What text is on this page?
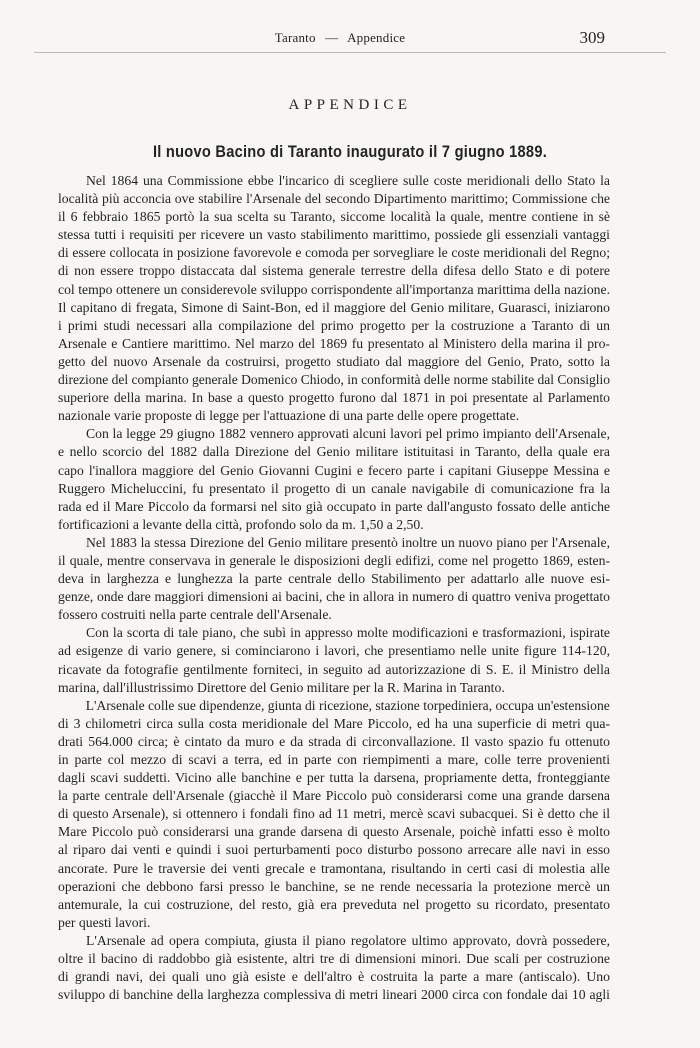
Taranto — Appendice	309
APPENDICE
Il nuovo Bacino di Taranto inaugurato il 7 giugno 1889.
Nel 1864 una Commissione ebbe l'incarico di scegliere sulle coste meridionali dello Stato la
località più acconcia ove stabilire l'Arsenale del secondo Dipartimento marittimo; Commissione che
il 6 febbraio 1865 portò la sua scelta su Taranto, siccome località la quale, mentre contiene in sè
stessa tutti i requisiti per ricevere un vasto stabilimento marittimo, possiede gli essenziali vantaggi
di essere collocata in posizione favorevole e comoda per sorvegliare le coste meridionali del Regno;
di non essere troppo distaccata dal sistema generale terrestre della difesa dello Stato e di potere
col tempo ottenere un considerevole sviluppo corrispondente all'importanza marittima della nazione.
Il capitano di fregata, Simone di Saint-Bon, ed il maggiore del Genio militare, Guarasci, iniziarono
i primi studi necessari alla compilazione del primo progetto per la costruzione a Taranto di un
Arsenale e Cantiere marittimo. Nel marzo del 1869 fu presentato al Ministero della marina il pro-
getto del nuovo Arsenale da costruirsi, progetto studiato dal maggiore del Genio, Prato, sotto la
direzione del compianto generale Domenico Chiodo, in conformità delle norme stabilite dal Consiglio
superiore della marina. In base a questo progetto furono dal 1871 in poi presentate al Parlamento
nazionale varie proposte di legge per l'attuazione di una parte delle opere progettate.
Con la legge 29 giugno 1882 vennero approvati alcuni lavori pel primo impianto dell'Arsenale,
e nello scorcio del 1882 dalla Direzione del Genio militare istituitasi in Taranto, della quale era
capo l'inallora maggiore del Genio Giovanni Cugini e fecero parte i capitani Giuseppe Messina e
Ruggero Micheluccini, fu presentato il progetto di un canale navigabile di comunicazione fra la
rada ed il Mare Piccolo da formarsi nel sito già occupato in parte dall'angusto fossato delle antiche
fortificazioni a levante della città, profondo solo da m. 1,50 a 2,50.
Nel 1883 la stessa Direzione del Genio militare presentò inoltre un nuovo piano per l'Arsenale,
il quale, mentre conservava in generale le disposizioni degli edifizi, come nel progetto 1869, esten-
deva in larghezza e lunghezza la parte centrale dello Stabilimento per adattarlo alle nuove esi-
genze, onde dare maggiori dimensioni ai bacini, che in allora in numero di quattro veniva progettato
fossero costruiti nella parte centrale dell'Arsenale.
Con la scorta di tale piano, che subì in appresso molte modificazioni e trasformazioni, ispirate
ad esigenze di vario genere, si cominciarono i lavori, che presentiamo nelle unite figure 114-120,
ricavate da fotografie gentilmente forniteci, in seguito ad autorizzazione di S. E. il Ministro della
marina, dall'illustrissimo Direttore del Genio militare per la R. Marina in Taranto.
L'Arsenale colle sue dipendenze, giunta di ricezione, stazione torpediniera, occupa un'estensione
di 3 chilometri circa sulla costa meridionale del Mare Piccolo, ed ha una superficie di metri qua-
drati 564.000 circa; è cintato da muro e da strada di circonvallazione. Il vasto spazio fu ottenuto
in parte col mezzo di scavi a terra, ed in parte con riempimenti a mare, colle terre provenienti
dagli scavi suddetti. Vicino alle banchine e per tutta la darsena, propriamente detta, fronteggiante
la parte centrale dell'Arsenale (giacchè il Mare Piccolo può considerarsi come una grande darsena
di questo Arsenale), si ottennero i fondali fino ad 11 metri, mercè scavi subacquei. Si è detto che il
Mare Piccolo può considerarsi una grande darsena di questo Arsenale, poichè infatti esso è molto
al riparo dai venti e quindi i suoi perturbamenti poco disturbo possono arrecare alle navi in esso
ancorate. Pure le traversie dei venti grecale e tramontana, risultando in certi casi di molestia alle
operazioni che debbono farsi presso le banchine, se ne rende necessaria la protezione mercè un
antemurale, la cui costruzione, del resto, già era preveduta nel progetto su ricordato, presentato
per questi lavori.
L'Arsenale ad opera compiuta, giusta il piano regolatore ultimo approvato, dovrà possedere,
oltre il bacino di raddobbo già esistente, altri tre di dimensioni minori. Due scali per costruzione
di grandi navi, dei quali uno già esiste e dell'altro è costruita la parte a mare (antiscalo). Uno
sviluppo di banchine della larghezza complessiva di metri lineari 2000 circa con fondale dai 10 agli
